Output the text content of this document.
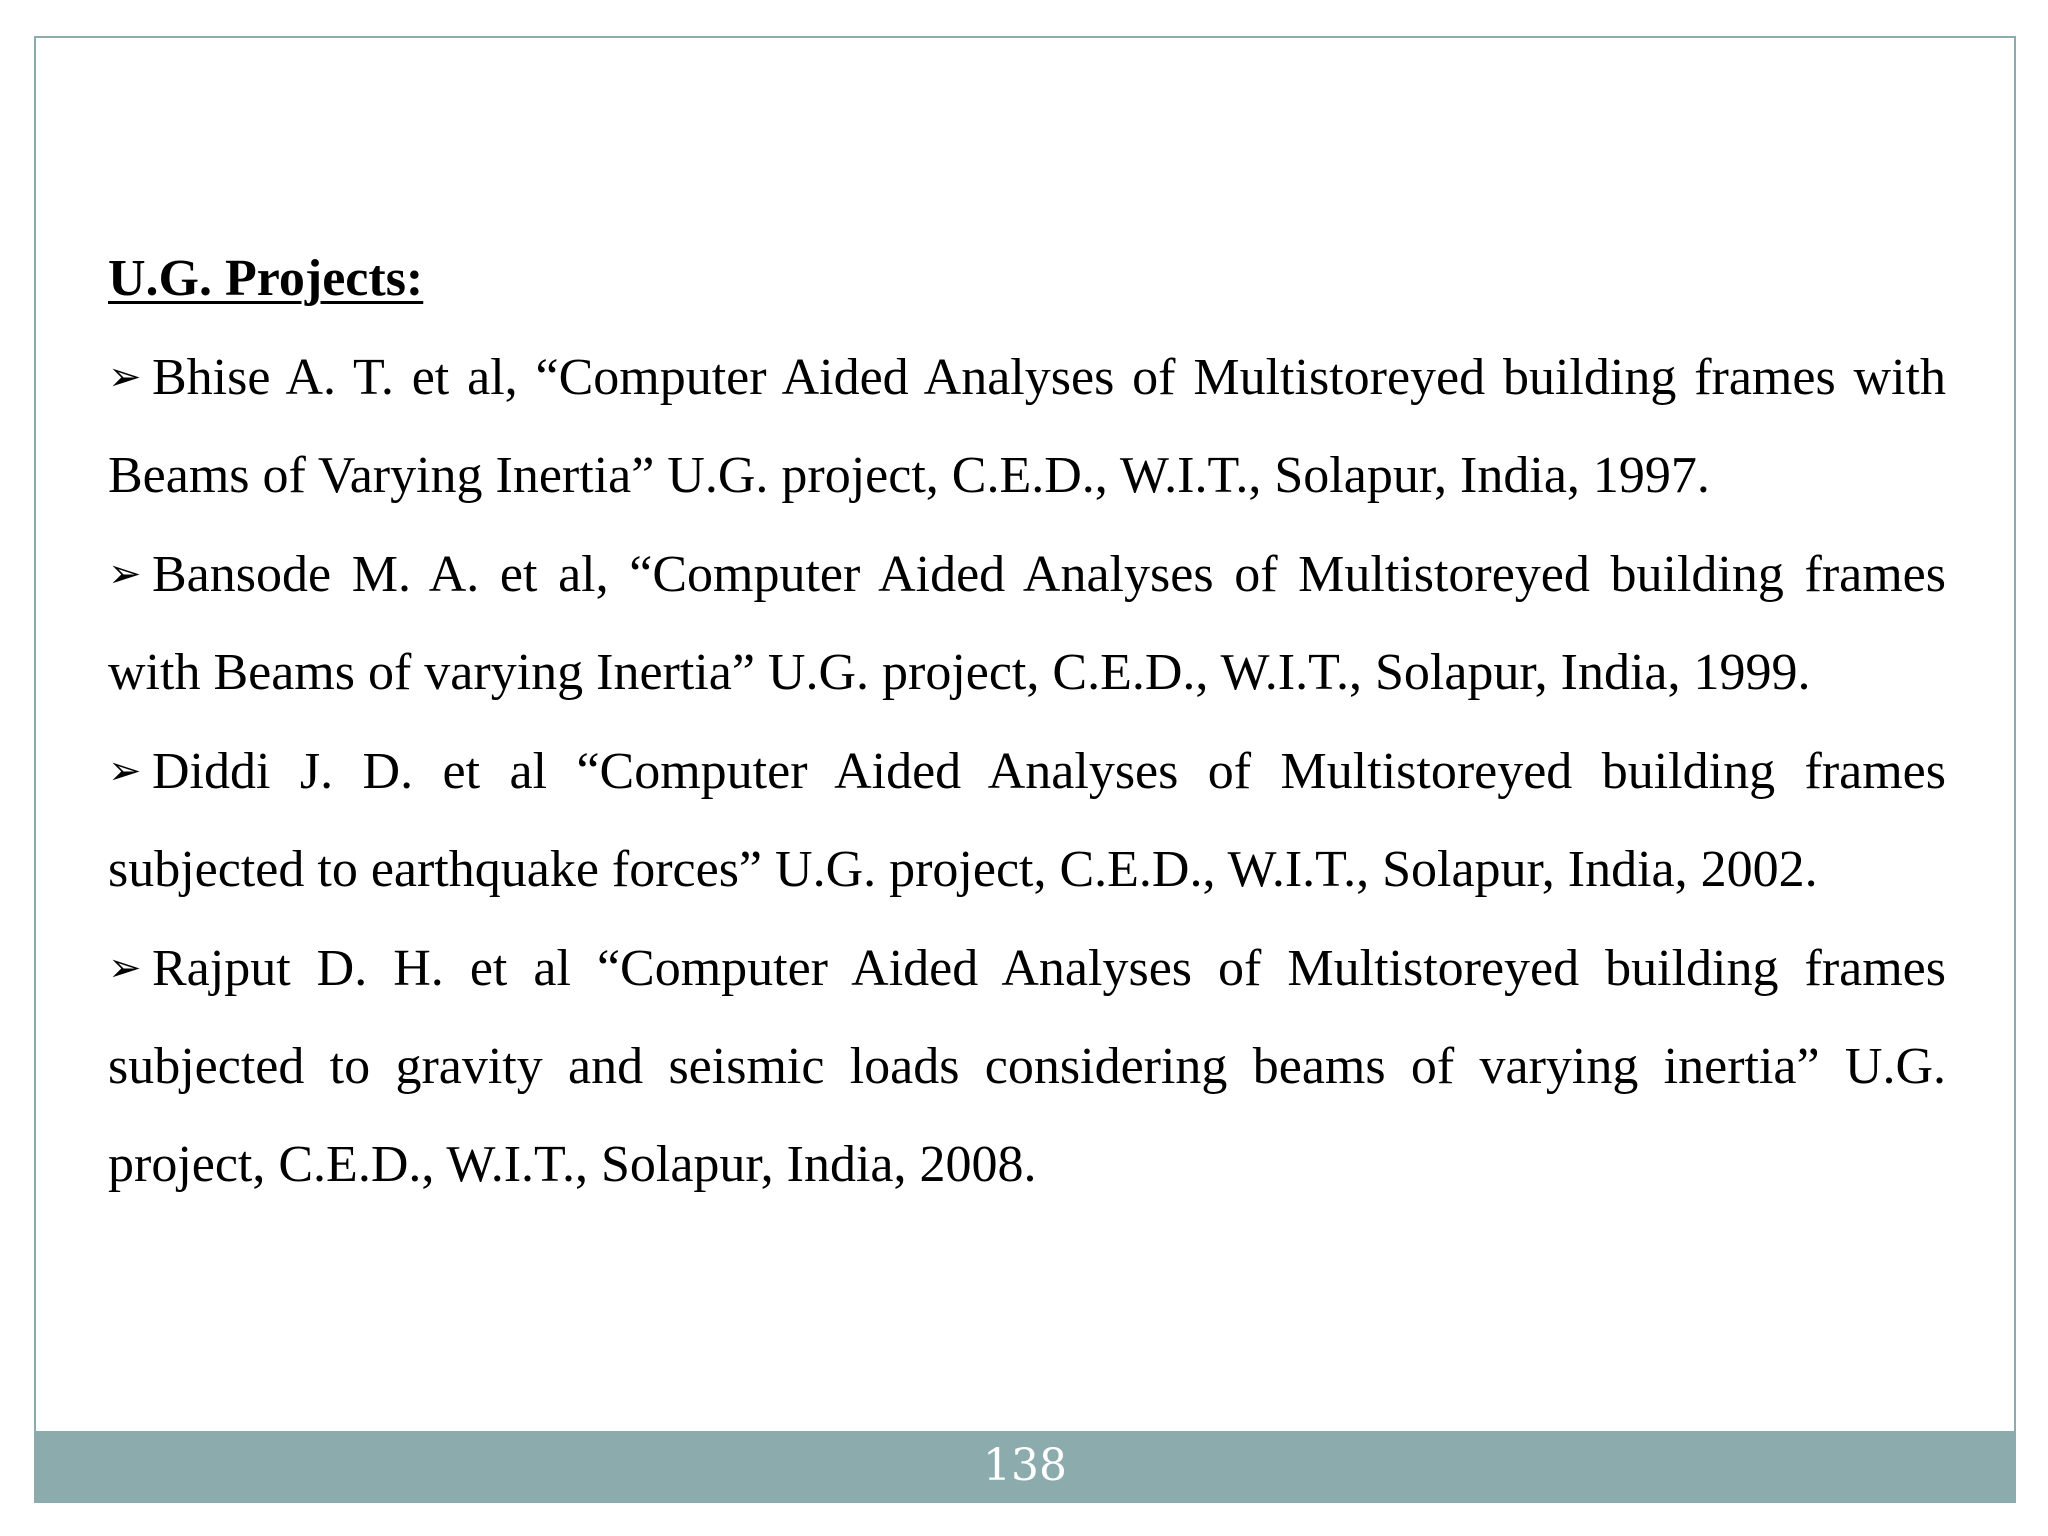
U.G. Projects:

➢ Bhise A. T. et al, “Computer Aided Analyses of Multistoreyed building frames with Beams of Varying Inertia” U.G. project, C.E.D., W.I.T., Solapur, India, 1997.

➢ Bansode M. A. et al, “Computer Aided Analyses of Multistoreyed building frames with Beams of varying Inertia” U.G. project, C.E.D., W.I.T., Solapur, India, 1999.

➢ Diddi J. D. et al “Computer Aided Analyses of Multistoreyed building frames subjected to earthquake forces” U.G. project, C.E.D., W.I.T., Solapur, India, 2002.

➢ Rajput D. H. et al “Computer Aided Analyses of Multistoreyed building frames subjected to gravity and seismic loads considering beams of varying inertia” U.G. project, C.E.D., W.I.T., Solapur, India, 2008.

138
